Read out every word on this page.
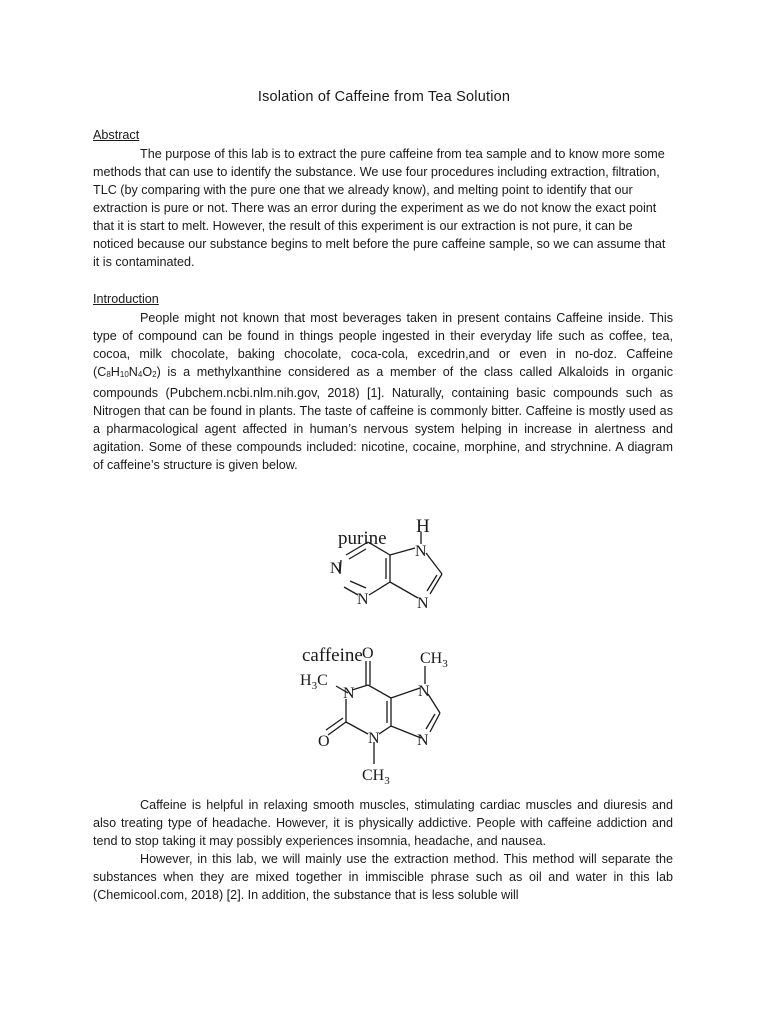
Isolation of Caffeine from Tea Solution
Abstract

The purpose of this lab is to extract the pure caffeine from tea sample and to know more some methods that can use to identify the substance. We use four procedures including extraction, filtration, TLC (by comparing with the pure one that we already know), and melting point to identify that our extraction is pure or not. There was an error during the experiment as we do not know the exact point that it is start to melt. However, the result of this experiment is our extraction is not pure, it can be noticed because our substance begins to melt before the pure caffeine sample, so we can assume that it is contaminated.

Introduction

People might not known that most beverages taken in present contains Caffeine inside. This type of compound can be found in things people ingested in their everyday life such as coffee, tea, cocoa, milk chocolate, baking chocolate, coca-cola, excedrin,and or even in no-doz. Caffeine $(C_8H_{10}N_4O_2)$ is a methylxanthine considered as a member of the class called Alkaloids in organic compounds (Pubchem.ncbi.nlm.nih.gov, 2018) [1]. Naturally, containing basic compounds such as Nitrogen that can be found in plants. The taste of caffeine is commonly bitter. Caffeine is mostly used as a pharmacological agent affected in human’s nervous system helping in increase in alertness and agitation. Some of these compounds included: nicotine, cocaine, morphine, and strychnine. A diagram of caffeine’s structure is given below.

purine
H
N
N
N	N
caffeine O	$CH_3$
$H_3C$
N
N
O N N
$CH_3$

Caffeine is helpful in relaxing smooth muscles, stimulating cardiac muscles and diuresis and also treating type of headache. However, it is physically addictive. People with caffeine addiction and tend to stop taking it may possibly experiences insomnia, headache, and nausea.

However, in this lab, we will mainly use the extraction method. This method will separate the substances when they are mixed together in immiscible phrase such as oil and water in this lab (Chemicool.com, 2018) [2]. In addition, the substance that is less soluble will
